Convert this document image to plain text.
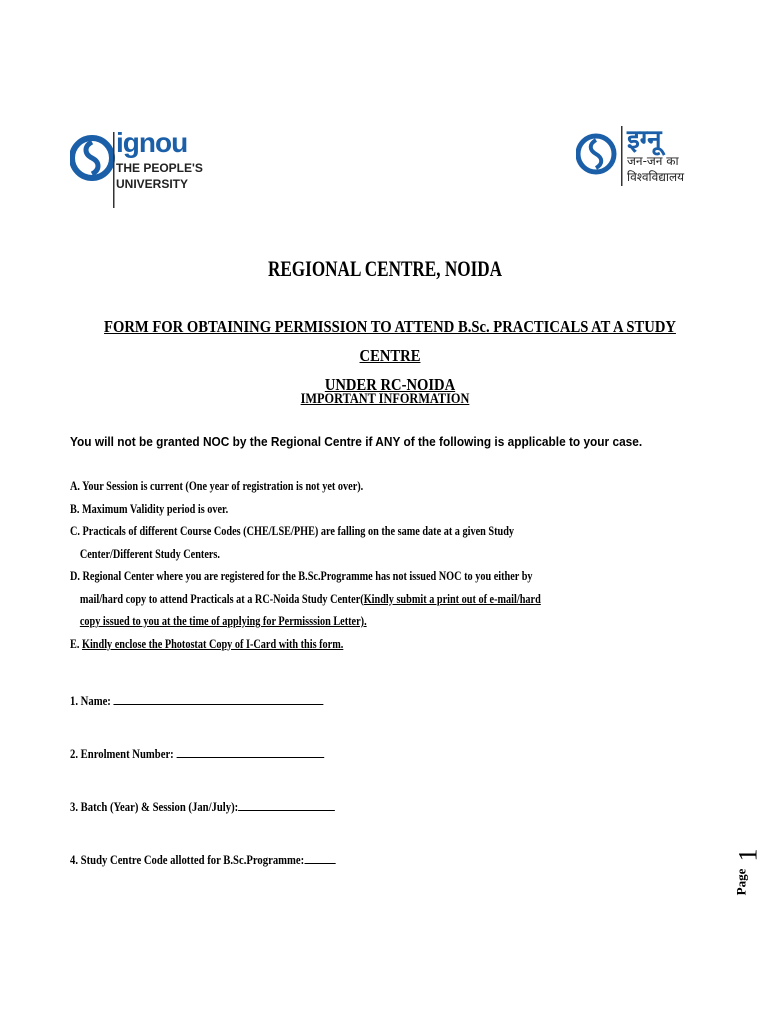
ignou
THE PEOPLE'S
UNIVERSITY
इग्नू
जन-जन का
विश्वविद्यालय
REGIONAL CENTRE, NOIDA
FORM FOR OBTAINING PERMISSION TO ATTEND B.Sc. PRACTICALS AT A STUDY CENTRE
UNDER RC-NOIDA
IMPORTANT INFORMATION
You will not be granted NOC by the Regional Centre if ANY of the following is applicable to your case.
A. Your Session is current (One year of registration is not yet over).
B. Maximum Validity period is over.
C. Practicals of different Course Codes (CHE/LSE/PHE) are falling on the same date at a given Study
Center/Different Study Centers.
D. Regional Center where you are registered for the B.Sc.Programme has not issued NOC to you either by
mail/hard copy to attend Practicals at a RC-Noida Study Center(Kindly submit a print out of e-mail/hard
copy issued to you at the time of applying for Permisssion Letter).
E. Kindly enclose the Photostat Copy of I-Card with this form.
1. Name:
2. Enrolment Number:
3. Batch (Year) & Session (Jan/July):
4. Study Centre Code allotted for B.Sc.Programme:
Page
1
